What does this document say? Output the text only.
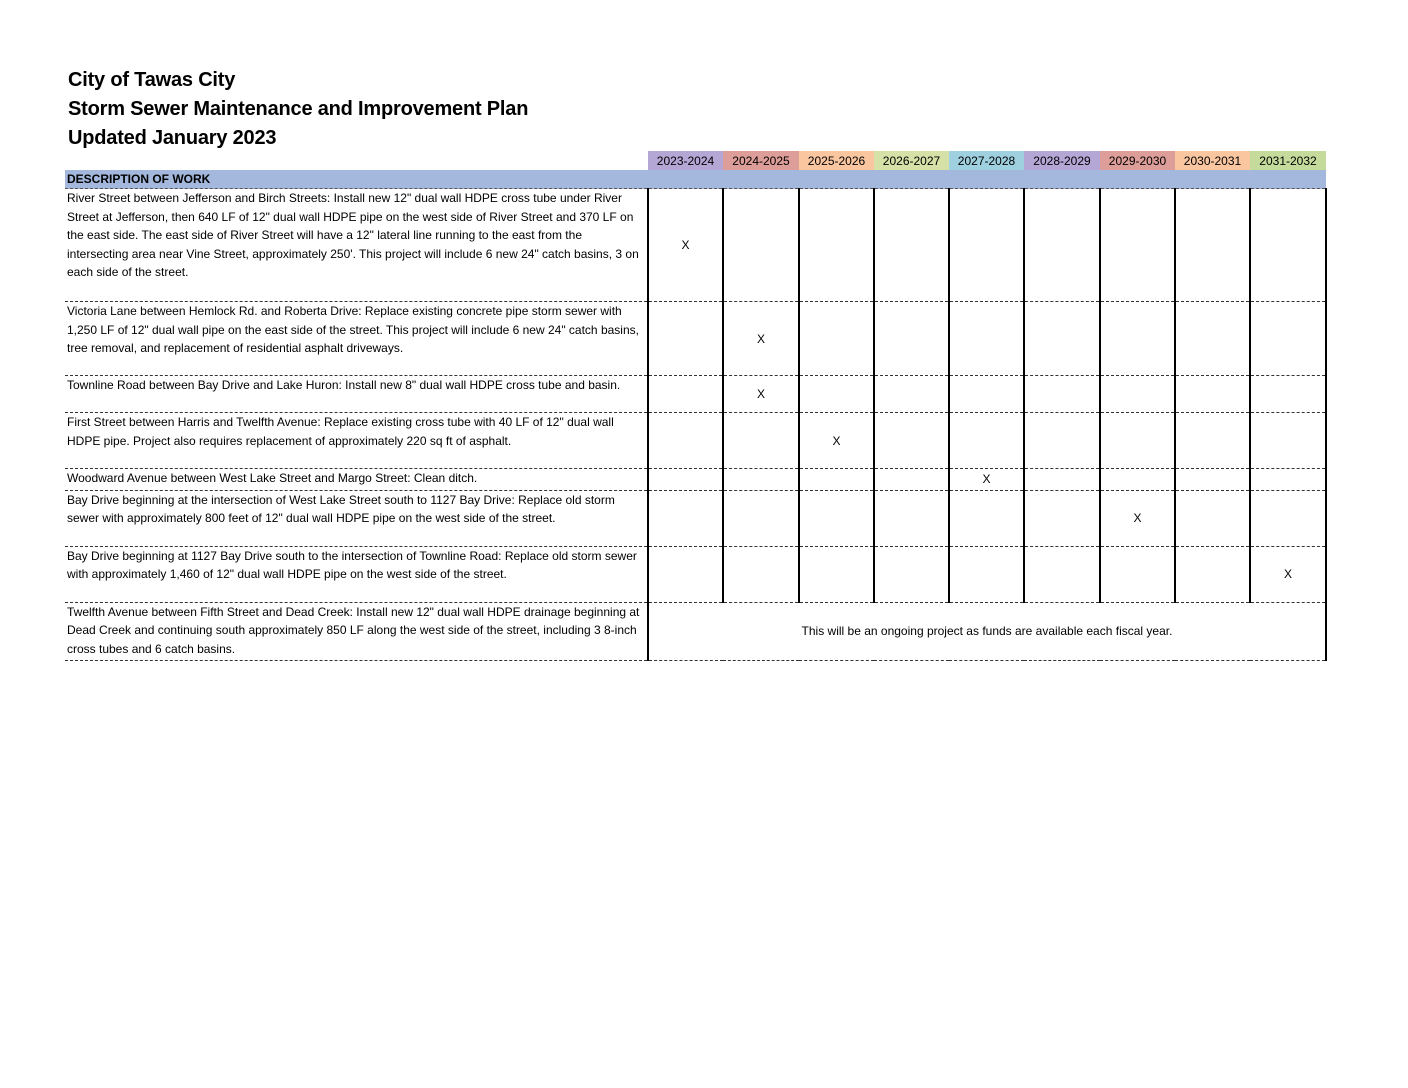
City of Tawas City
Storm Sewer Maintenance and Improvement Plan
Updated January 2023
	2023-2024	2024-2025	2025-2026	2026-2027	2027-2028	2028-2029	2029-2030	2030-2031	2031-2032
DESCRIPTION OF WORK									
River Street between Jefferson and Birch Streets: Install new 12" dual wall HDPE cross tube under River Street at Jefferson, then 640 LF of 12" dual wall HDPE pipe on the west side of River Street and 370 LF on the east side. The east side of River Street will have a 12" lateral line running to the east from the intersecting area near Vine Street, approximately 250'. This project will include 6 new 24" catch basins, 3 on each side of the street.	X								
Victoria Lane between Hemlock Rd. and Roberta Drive: Replace existing concrete pipe storm sewer with 1,250 LF of 12" dual wall pipe on the east side of the street. This project will include 6 new 24" catch basins, tree removal, and replacement of residential asphalt driveways.		X							
Townline Road between Bay Drive and Lake Huron: Install new 8" dual wall HDPE cross tube and basin.		X							
First Street between Harris and Twelfth Avenue: Replace existing cross tube with 40 LF of 12" dual wall HDPE pipe. Project also requires replacement of approximately 220 sq ft of asphalt.			X						
Woodward Avenue between West Lake Street and Margo Street: Clean ditch.					X				
Bay Drive beginning at the intersection of West Lake Street south to 1127 Bay Drive: Replace old storm sewer with approximately 800 feet of 12" dual wall HDPE pipe on the west side of the street.							X		
Bay Drive beginning at 1127 Bay Drive south to the intersection of Townline Road: Replace old storm sewer with approximately 1,460 of 12" dual wall HDPE pipe on the west side of the street.									X
Twelfth Avenue between Fifth Street and Dead Creek: Install new 12" dual wall HDPE drainage beginning at Dead Creek and continuing south approximately 850 LF along the west side of the street, including 3 8-inch cross tubes and 6 catch basins.	This will be an ongoing project as funds are available each fiscal year.								
